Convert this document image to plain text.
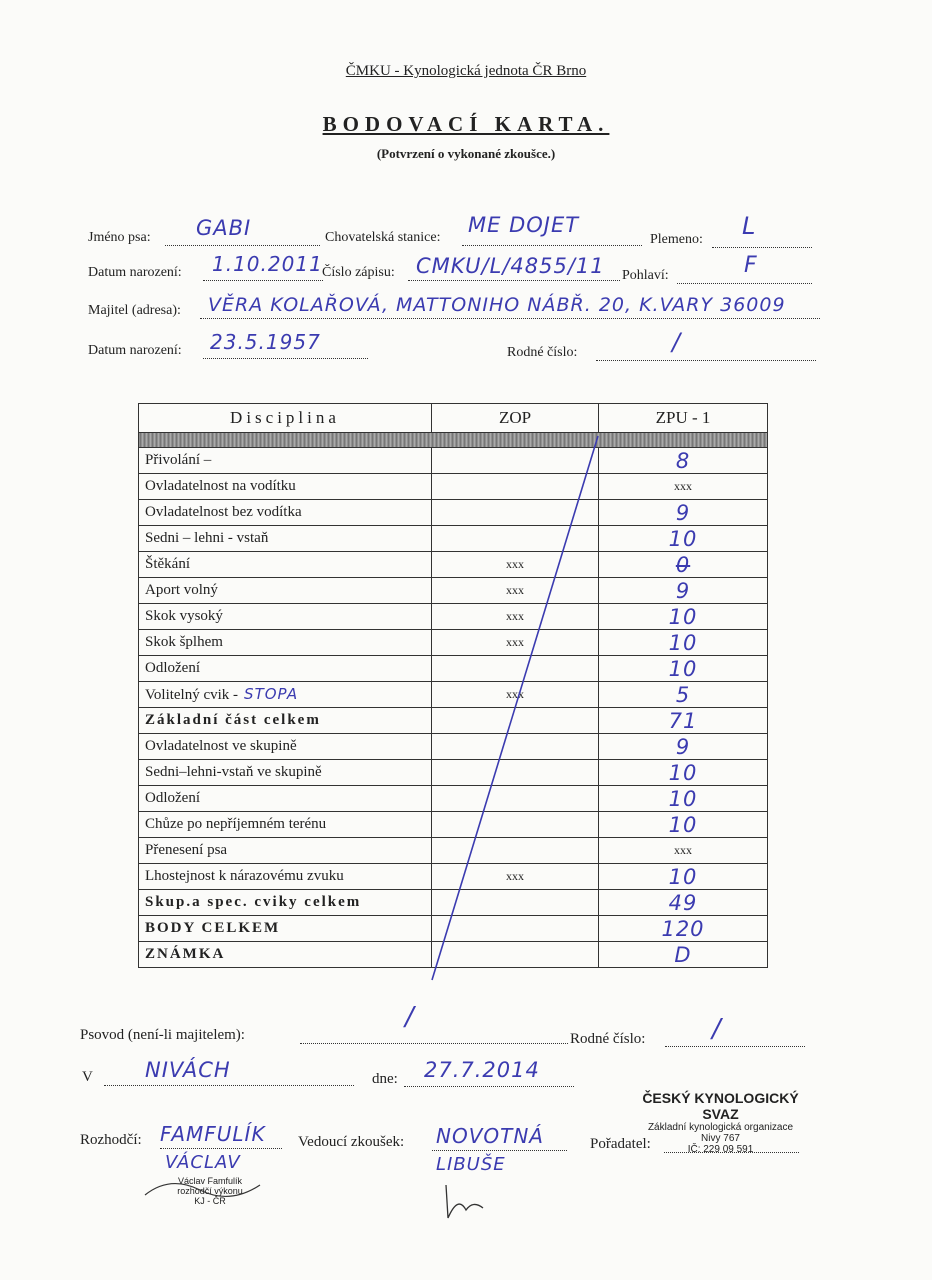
ČMKU - Kynologická jednota ČR Brno
BODOVACÍ KARTA.
(Potvrzení o vykonané zkoušce.)
Jméno psa: GABI	Chovatelská stanice:
ME DOJET
Plemeno: L
Datum narození: 1.10.2011 Číslo zápisu: CMKU/L/4855/11 Pohlaví:	F
Majitel (adresa): VĚRA KOLAŘOVÁ, MATTONIHO NÁBŘ. 20, K.VARY 36009
Datum narození: 23.5.1957	Rodné číslo:	/
Disciplina	ZOP	ZPU - 1

Přivolání –		8
Ovladatelnost na vodítku		xxx
Ovladatelnost bez vodítka		9
Sedni – lehni - vstaň		10
Štěkání	xxx	0
Aport volný	xxx	9
Skok vysoký	xxx	10
Skok šplhem	xxx	10
Odložení		10
Volitelný cvik - STOPA	xxx	5
Základní část celkem		71
Ovladatelnost ve skupině		9
Sedni–lehni-vstaň ve skupině		10
Odložení		10
Chůze po nepříjemném terénu		10
Přenesení psa		xxx
Lhostejnost k nárazovému zvuku	xxx	10
Skup.a spec. cviky celkem		49
BODY CELKEM		120
ZNÁMKA		D
Psovod (není-li majitelem):
/
Rodné číslo:	/
V NIVÁCH	dne: 27.7.2014
ČESKÝ KYNOLOGICKÝ SVAZ
Základní kynologická organizace
Nivy 767
IČ: 229 09 591
Rozhodčí: FAMFULÍK
VÁCLAV
Vedoucí zkoušek: NOVOTNÁ
LIBUŠE
Pořadatel:
Václav Famfulík
rozhodčí výkonu
KJ - ČR
